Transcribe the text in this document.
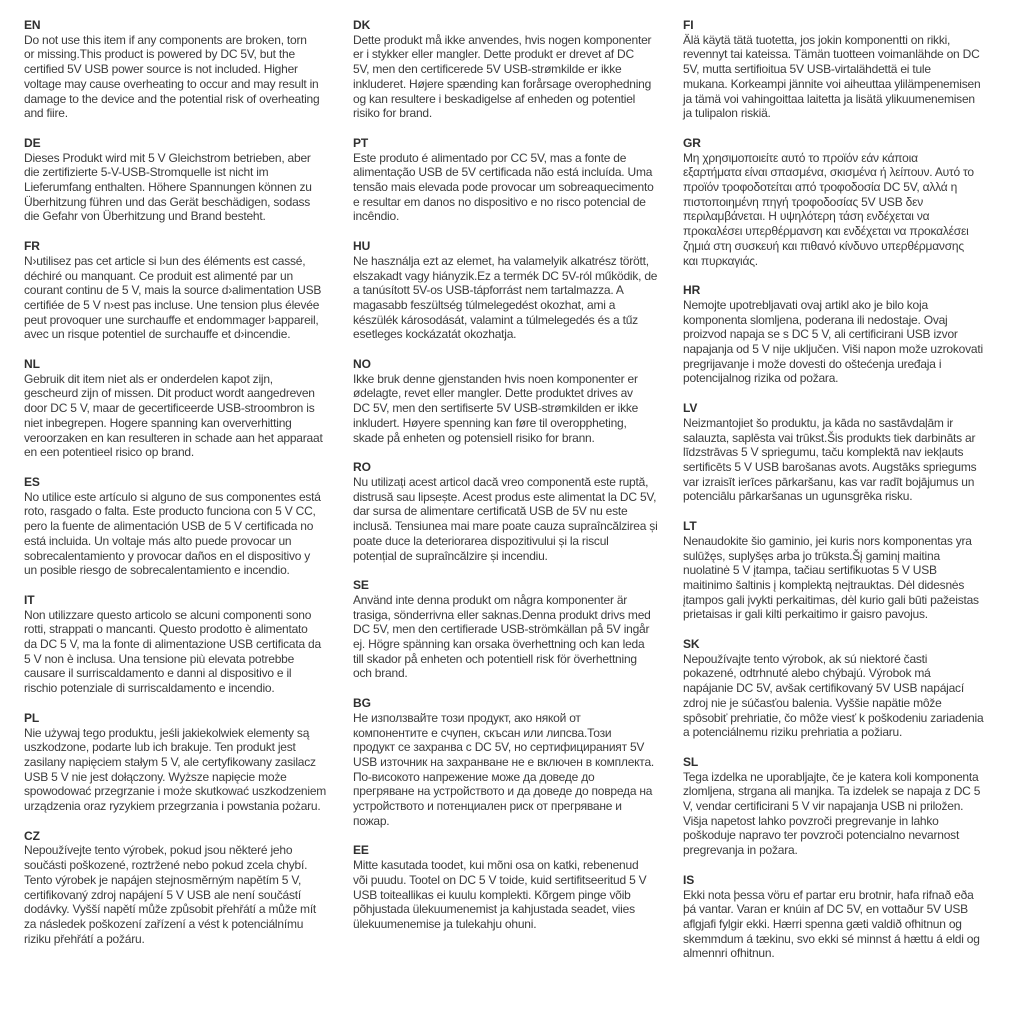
EN
Do not use this item if any components are broken, torn
or missing.This product is powered by DC 5V, but the
certified 5V USB power source is not included. Higher
voltage may cause overheating to occur and may result in
damage to the device and the potential risk of overheating
and fiire.
DE
Dieses Produkt wird mit 5 V Gleichstrom betrieben, aber
die zertifizierte 5-V-USB-Stromquelle ist nicht im
Lieferumfang enthalten. Höhere Spannungen können zu
Überhitzung führen und das Gerät beschädigen, sodass
die Gefahr von Überhitzung und Brand besteht.
FR
N›utilisez pas cet article si l›un des éléments est cassé,
déchiré ou manquant. Ce produit est alimenté par un
courant continu de 5 V, mais la source d›alimentation USB
certifiée de 5 V n›est pas incluse. Une tension plus élevée
peut provoquer une surchauffe et endommager l›appareil,
avec un risque potentiel de surchauffe et d›incendie.
NL
Gebruik dit item niet als er onderdelen kapot zijn,
gescheurd zijn of missen. Dit product wordt aangedreven
door DC 5 V, maar de gecertificeerde USB-stroombron is
niet inbegrepen. Hogere spanning kan oververhitting
veroorzaken en kan resulteren in schade aan het apparaat
en een potentieel risico op brand.
ES
No utilice este artículo si alguno de sus componentes está
roto, rasgado o falta. Este producto funciona con 5 V CC,
pero la fuente de alimentación USB de 5 V certificada no
está incluida. Un voltaje más alto puede provocar un
sobrecalentamiento y provocar daños en el dispositivo y
un posible riesgo de sobrecalentamiento e incendio.
IT
Non utilizzare questo articolo se alcuni componenti sono
rotti, strappati o mancanti. Questo prodotto è alimentato
da DC 5 V, ma la fonte di alimentazione USB certificata da
5 V non è inclusa. Una tensione più elevata potrebbe
causare il surriscaldamento e danni al dispositivo e il
rischio potenziale di surriscaldamento e incendio.
PL
Nie używaj tego produktu, jeśli jakiekolwiek elementy są
uszkodzone, podarte lub ich brakuje. Ten produkt jest
zasilany napięciem stałym 5 V, ale certyfikowany zasilacz
USB 5 V nie jest dołączony. Wyższe napięcie może
spowodować przegrzanie i może skutkować uszkodzeniem
urządzenia oraz ryzykiem przegrzania i powstania pożaru.
CZ
Nepoužívejte tento výrobek, pokud jsou některé jeho
součásti poškozené, roztržené nebo pokud zcela chybí.
Tento výrobek je napájen stejnosměrným napětím 5 V,
certifikovaný zdroj napájení 5 V USB ale není součástí
dodávky. Vyšší napětí může způsobit přehřátí a může mít
za následek poškození zařízení a vést k potenciálnímu
riziku přehřátí a požáru.
DK
Dette produkt må ikke anvendes, hvis nogen komponenter
er i stykker eller mangler. Dette produkt er drevet af DC
5V, men den certificerede 5V USB-strømkilde er ikke
inkluderet. Højere spænding kan forårsage overophedning
og kan resultere i beskadigelse af enheden og potentiel
risiko for brand.
PT
Este produto é alimentado por CC 5V, mas a fonte de
alimentação USB de 5V certificada não está incluída. Uma
tensão mais elevada pode provocar um sobreaquecimento
e resultar em danos no dispositivo e no risco potencial de
incêndio.
HU
Ne használja ezt az elemet, ha valamelyik alkatrész törött,
elszakadt vagy hiányzik.Ez a termék DC 5V-ról működik, de
a tanúsított 5V-os USB-tápforrást nem tartalmazza. A
magasabb feszültség túlmelegedést okozhat, ami a
készülék károsodását, valamint a túlmelegedés és a tűz
esetleges kockázatát okozhatja.
NO
Ikke bruk denne gjenstanden hvis noen komponenter er
ødelagte, revet eller mangler. Dette produktet drives av
DC 5V, men den sertifiserte 5V USB-strømkilden er ikke
inkludert. Høyere spenning kan føre til overoppheting,
skade på enheten og potensiell risiko for brann.
RO
Nu utilizați acest articol dacă vreo componentă este ruptă,
distrusă sau lipsește. Acest produs este alimentat la DC 5V,
dar sursa de alimentare certificată USB de 5V nu este
inclusă. Tensiunea mai mare poate cauza supraîncălzirea și
poate duce la deteriorarea dispozitivului și la riscul
potențial de supraîncălzire și incendiu.
SE
Använd inte denna produkt om några komponenter är
trasiga, sönderrivna eller saknas.Denna produkt drivs med
DC 5V, men den certifierade USB-strömkällan på 5V ingår
ej. Högre spänning kan orsaka överhettning och kan leda
till skador på enheten och potentiell risk för överhettning
och brand.
BG
Не използвайте този продукт, ако някой от
компонентите е счупен, скъсан или липсва.Този
продукт се захранва с DC 5V, но сертифицираният 5V
USB източник на захранване не е включен в комплекта.
По-високото напрежение може да доведе до
прегряване на устройството и да доведе до повреда на
устройството и потенциален риск от прегряване и
пожар.
EE
Mitte kasutada toodet, kui mõni osa on katki, rebenenud
või puudu. Tootel on DC 5 V toide, kuid sertifitseeritud 5 V
USB toiteallikas ei kuulu komplekti. Kõrgem pinge võib
põhjustada ülekuumenemist ja kahjustada seadet, viies
ülekuumenemise ja tulekahju ohuni.
FI
Älä käytä tätä tuotetta, jos jokin komponentti on rikki,
revennyt tai kateissa. Tämän tuotteen voimanlähde on DC
5V, mutta sertifioitua 5V USB-virtalähdettä ei tule
mukana. Korkeampi jännite voi aiheuttaa ylilämpenemisen
ja tämä voi vahingoittaa laitetta ja lisätä ylikuumenemisen
ja tulipalon riskiä.
GR
Μη χρησιμοποιείτε αυτό το προϊόν εάν κάποια
εξαρτήματα είναι σπασμένα, σκισμένα ή λείπουν. Αυτό το
προϊόν τροφοδοτείται από τροφοδοσία DC 5V, αλλά η
πιστοποιημένη πηγή τροφοδοσίας 5V USB δεν
περιλαμβάνεται. Η υψηλότερη τάση ενδέχεται να
προκαλέσει υπερθέρμανση και ενδέχεται να προκαλέσει
ζημιά στη συσκευή και πιθανό κίνδυνο υπερθέρμανσης
και πυρκαγιάς.
HR
Nemojte upotrebljavati ovaj artikl ako je bilo koja
komponenta slomljena, poderana ili nedostaje. Ovaj
proizvod napaja se s DC 5 V, ali certificirani USB izvor
napajanja od 5 V nije uključen. Viši napon može uzrokovati
pregrijavanje i može dovesti do oštećenja uređaja i
potencijalnog rizika od požara.
LV
Neizmantojiet šo produktu, ja kāda no sastāvdaļām ir
salauzta, saplēsta vai trūkst.Šis produkts tiek darbināts ar
līdzstrāvas 5 V spriegumu, taču komplektā nav iekļauts
sertificēts 5 V USB barošanas avots. Augstāks spriegums
var izraisīt ierīces pārkaršanu, kas var radīt bojājumus un
potenciālu pārkaršanas un ugunsgrēka risku.
LT
Nenaudokite šio gaminio, jei kuris nors komponentas yra
sulūžęs, suplyšęs arba jo trūksta.Šį gaminį maitina
nuolatinė 5 V įtampa, tačiau sertifikuotas 5 V USB
maitinimo šaltinis į komplektą neįtrauktas. Dėl didesnės
įtampos gali įvykti perkaitimas, dėl kurio gali būti pažeistas
prietaisas ir gali kilti perkaitimo ir gaisro pavojus.
SK
Nepoužívajte tento výrobok, ak sú niektoré časti
pokazené, odtrhnuté alebo chýbajú. Výrobok má
napájanie DC 5V, avšak certifikovaný 5V USB napájací
zdroj nie je súčasťou balenia. Vyššie napätie môže
spôsobiť prehriatie, čo môže viesť k poškodeniu zariadenia
a potenciálnemu riziku prehriatia a požiaru.
SL
Tega izdelka ne uporabljajte, če je katera koli komponenta
zlomljena, strgana ali manjka. Ta izdelek se napaja z DC 5
V, vendar certificirani 5 V vir napajanja USB ni priložen.
Višja napetost lahko povzroči pregrevanje in lahko
poškoduje napravo ter povzroči potencialno nevarnost
pregrevanja in požara.
IS
Ekki nota þessa vöru ef partar eru brotnir, hafa rifnað eða
þá vantar. Varan er knúin af DC 5V, en vottaður 5V USB
aflgjafi fylgir ekki. Hærri spenna gæti valdið ofhitnun og
skemmdum á tækinu, svo ekki sé minnst á hættu á eldi og
almennri ofhitnun.
